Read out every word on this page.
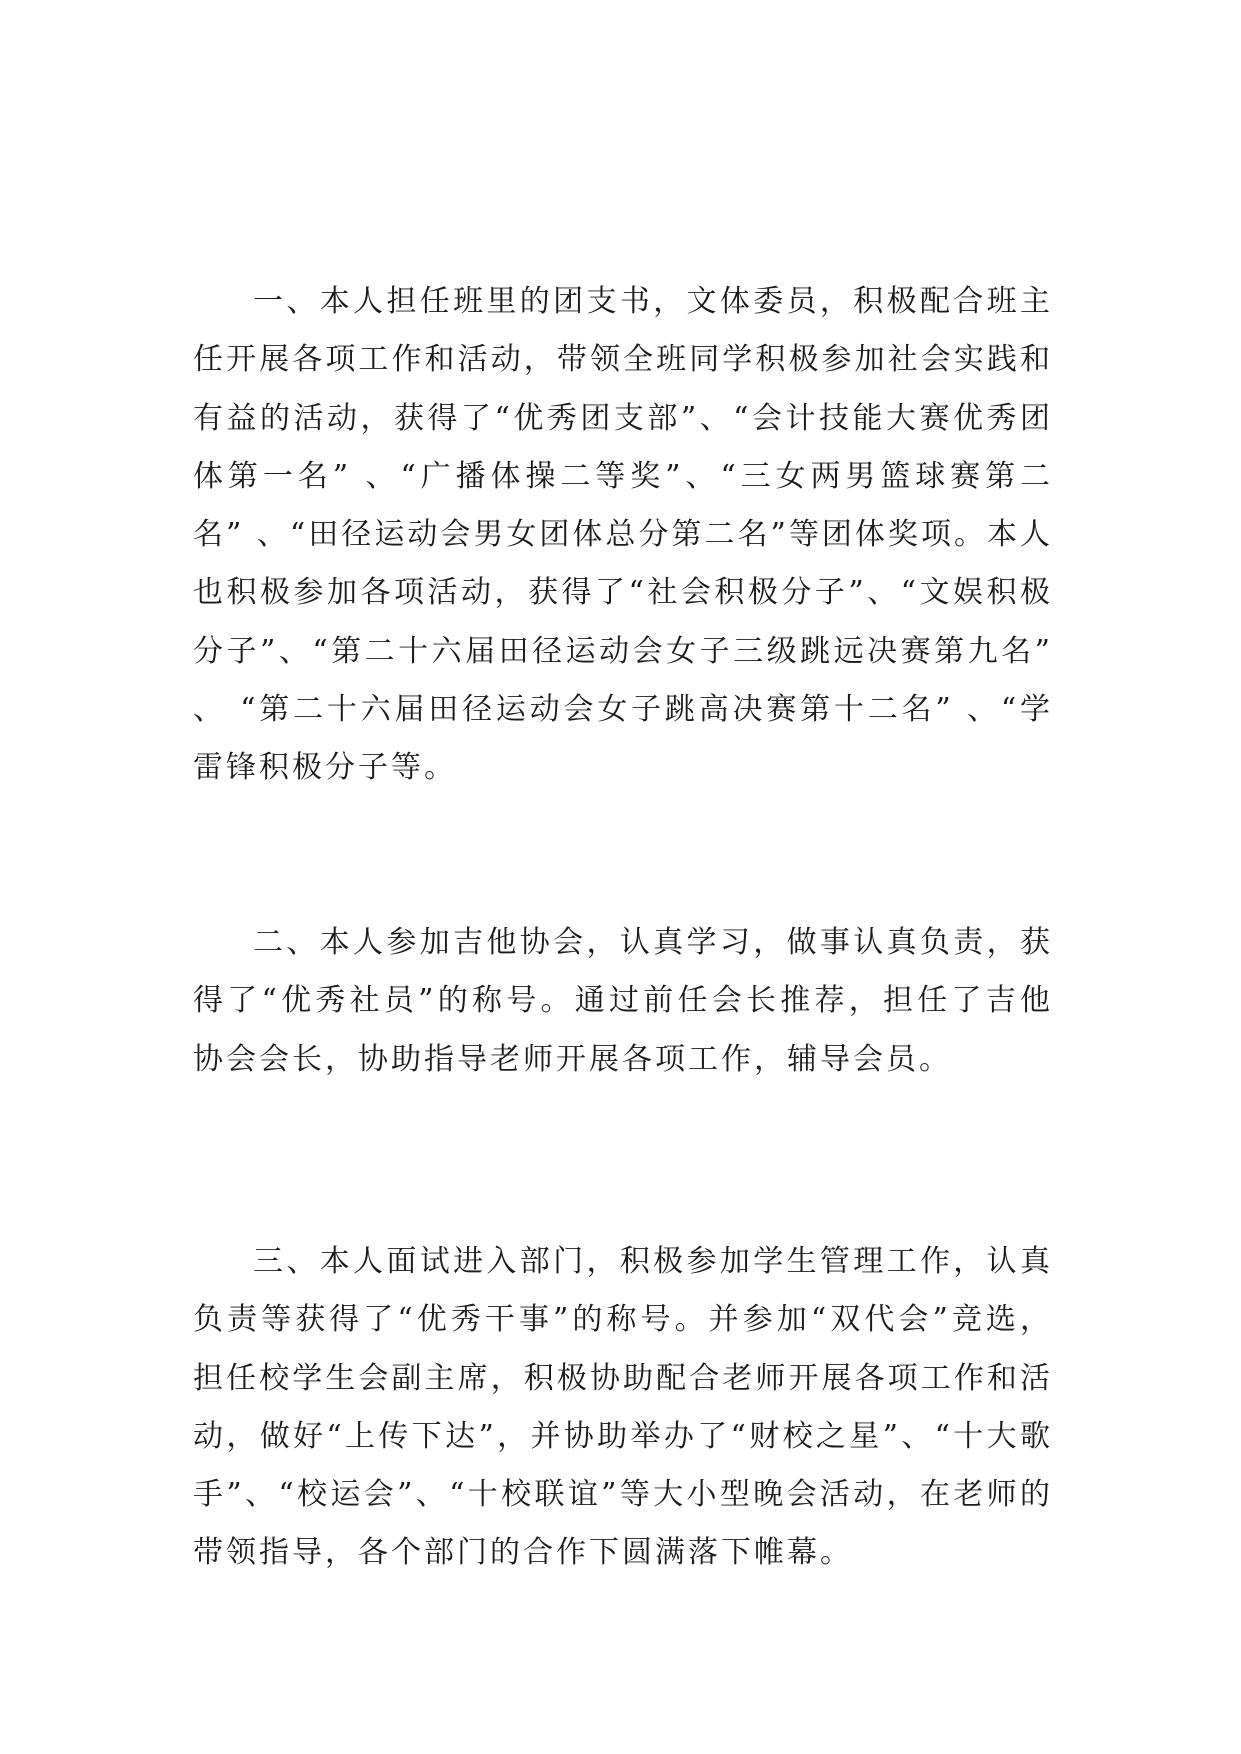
一、本人担任班里的团支书，文体委员，积极配合班主任开展各项工作和活动，带领全班同学积极参加社会实践和有益的活动，获得了“优秀团支部”、“会计技能大赛优秀团体第一名” 、“广播体操二等奖”、“三女两男篮球赛第二名” 、“田径运动会男女团体总分第二名”等团体奖项。本人也积极参加各项活动，获得了“社会积极分子”、“文娱积极分子”、“第二十六届田径运动会女子三级跳远决赛第九名” 、 “第二十六届田径运动会女子跳高决赛第十二名” 、“学雷锋积极分子等。

二、本人参加吉他协会，认真学习，做事认真负责，获得了“优秀社员”的称号。通过前任会长推荐，担任了吉他协会会长，协助指导老师开展各项工作，辅导会员。

三、本人面试进入部门，积极参加学生管理工作，认真负责等获得了“优秀干事”的称号。并参加“双代会”竞选，担任校学生会副主席，积极协助配合老师开展各项工作和活动，做好“上传下达”，并协助举办了“财校之星”、“十大歌手”、“校运会”、“十校联谊”等大小型晚会活动，在老师的带领指导，各个部门的合作下圆满落下帷幕。
